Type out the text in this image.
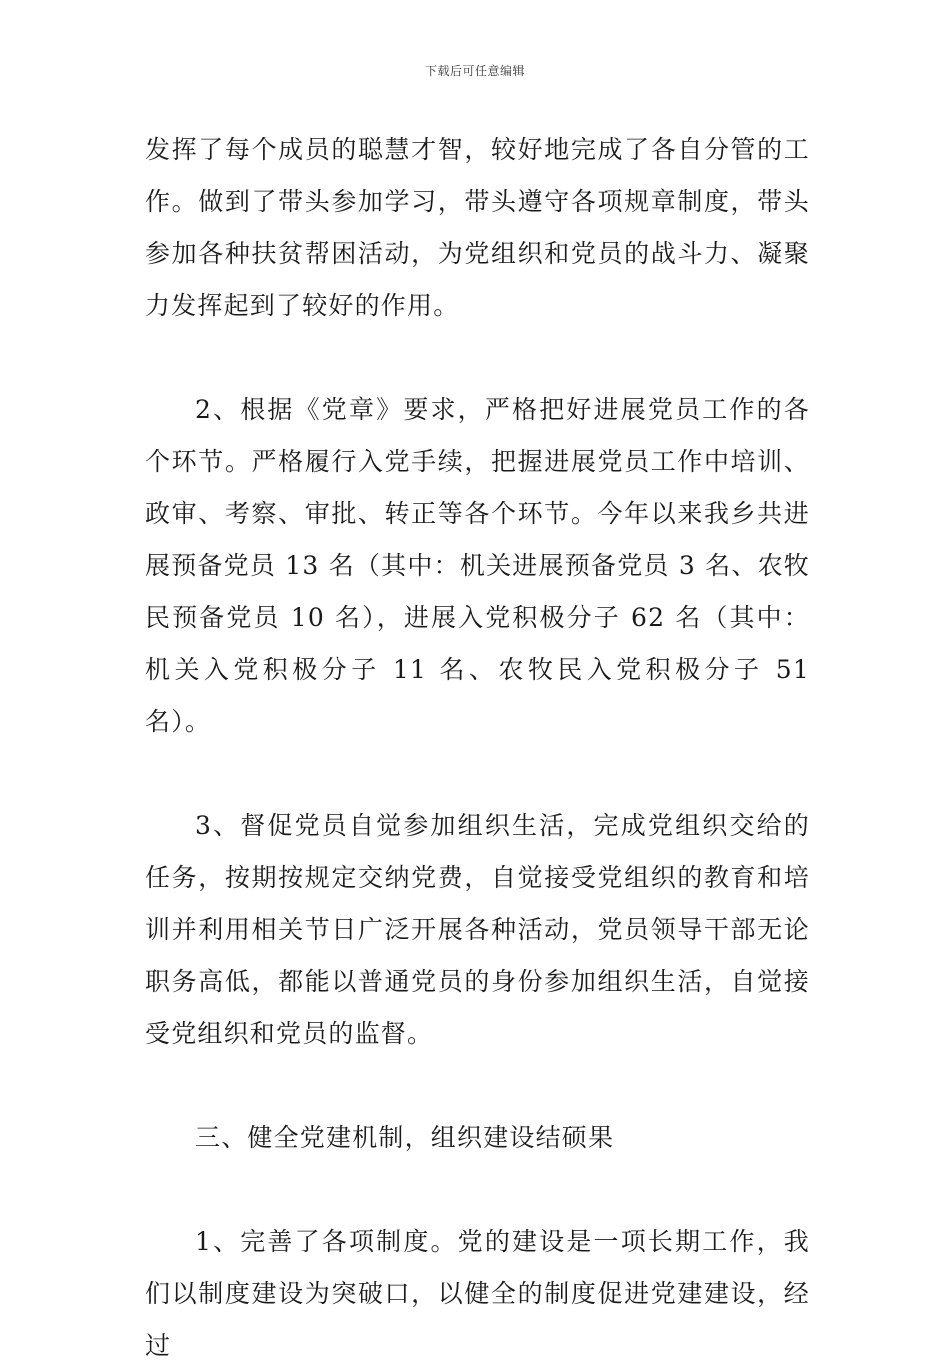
下载后可任意编辑

发挥了每个成员的聪慧才智，较好地完成了各自分管的工作。做到了带头参加学习，带头遵守各项规章制度，带头参加各种扶贫帮困活动，为党组织和党员的战斗力、凝聚力发挥起到了较好的作用。

2、根据《党章》要求，严格把好进展党员工作的各个环节。严格履行入党手续，把握进展党员工作中培训、政审、考察、审批、转正等各个环节。今年以来我乡共进展预备党员 13 名（其中：机关进展预备党员 3 名、农牧民预备党员 10 名），进展入党积极分子 62 名（其中：机关入党积极分子 11 名、农牧民入党积极分子 51 名）。

3、督促党员自觉参加组织生活，完成党组织交给的任务，按期按规定交纳党费，自觉接受党组织的教育和培训并利用相关节日广泛开展各种活动，党员领导干部无论职务高低，都能以普通党员的身份参加组织生活，自觉接受党组织和党员的监督。

三、健全党建机制，组织建设结硕果

1、完善了各项制度。党的建设是一项长期工作，我们以制度建设为突破口，以健全的制度促进党建建设，经过
